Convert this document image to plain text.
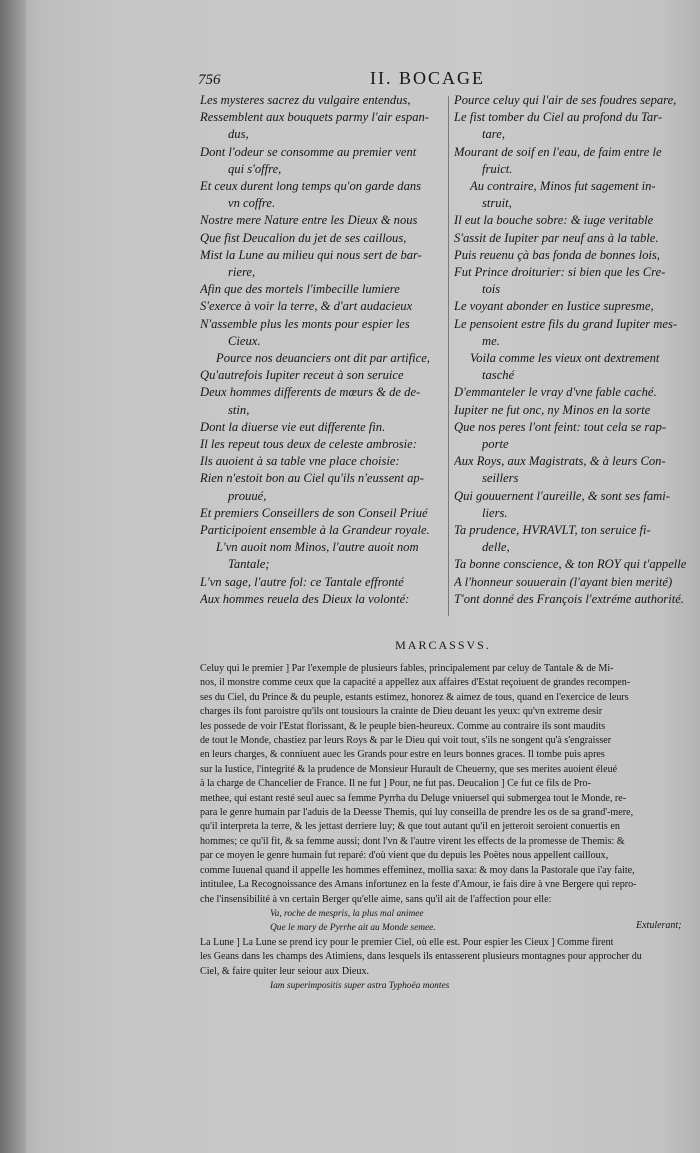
756	II. BOCAGE
Les mysteres sacrez du vulgaire entendus,
Ressemblent aux bouquets parmy l'air espan-
dus,
Dont l'odeur se consomme au premier vent
qui s'offre,
Et ceux durent long temps qu'on garde dans
vn coffre.
Nostre mere Nature entre les Dieux & nous
Que fist Deucalion du jet de ses caillous,
Mist la Lune au milieu qui nous sert de bar-
riere,
Afin que des mortels l'imbecille lumiere
S'exerce à voir la terre, & d'art audacieux
N'assemble plus les monts pour espier les
Cieux.
Pource nos deuanciers ont dit par artifice,
Qu'autrefois Iupiter receut à son seruice
Deux hommes differents de mœurs & de de-
stin,
Dont la diuerse vie eut differente fin.
Il les repeut tous deux de celeste ambrosie:
Ils auoient à sa table vne place choisie:
Rien n'estoit bon au Ciel qu'ils n'eussent ap-
prouué,
Et premiers Conseillers de son Conseil Priué
Participoient ensemble à la Grandeur royale.
L'vn auoit nom Minos, l'autre auoit nom
Tantale;
L'vn sage, l'autre fol: ce Tantale effronté
Aux hommes reuela des Dieux la volonté:
Pource celuy qui l'air de ses foudres separe,
Le fist tomber du Ciel au profond du Tar-
tare,
Mourant de soif en l'eau, de faim entre le
fruict.
Au contraire, Minos fut sagement in-
struit,
Il eut la bouche sobre: & iuge veritable
S'assit de Iupiter par neuf ans à la table.
Puis reuenu çà bas fonda de bonnes lois,
Fut Prince droiturier: si bien que les Cre-
tois
Le voyant abonder en Iustice supresme,
Le pensoient estre fils du grand Iupiter mes-
me.
Voila comme les vieux ont dextrement
tasché
D'emmanteler le vray d'vne fable caché.
Iupiter ne fut onc, ny Minos en la sorte
Que nos peres l'ont feint: tout cela se rap-
porte
Aux Roys, aux Magistrats, & à leurs Con-
seillers
Qui gouuernent l'aureille, & sont ses fami-
liers.
Ta prudence, HVRAVLT, ton seruice fi-
delle,
Ta bonne conscience, & ton ROY qui t'appelle
A l'honneur souuerain (l'ayant bien merité)
T'ont donné des François l'extréme authorité.
MARCASSVS.
Celuy qui le premier ] Par l'exemple de plusieurs fables, principalement par celuy de Tantale & de Mi-
nos, il monstre comme ceux que la capacité a appellez aux affaires d'Estat reçoiuent de grandes recompen-
ses du Ciel, du Prince & du peuple, estants estimez, honorez & aimez de tous, quand en l'exercice de leurs
charges ils font paroistre qu'ils ont tousiours la crainte de Dieu deuant les yeux: qu'vn extreme desir
les possede de voir l'Estat florissant, & le peuple bien-heureux. Comme au contraire ils sont maudits
de tout le Monde, chastiez par leurs Roys & par le Dieu qui voit tout, s'ils ne songent qu'à s'engraisser
en leurs charges, & conniuent auec les Grands pour estre en leurs bonnes graces. Il tombe puis apres
sur la Iustice, l'integrité & la prudence de Monsieur Hurault de Cheuerny, que ses merites auoient éleué
à la charge de Chancelier de France. Il ne fut ] Pour, ne fut pas. Deucalion ] Ce fut ce fils de Pro-
methee, qui estant resté seul auec sa femme Pyrrha du Deluge vniuersel qui submergea tout le Monde, re-
para le genre humain par l'aduis de la Deesse Themis, qui luy conseilla de prendre les os de sa grand'-mere,
qu'il interpreta la terre, & les jettast derriere luy; & que tout autant qu'il en jetteroit seroient conuertis en
hommes; ce qu'il fit, & sa femme aussi; dont l'vn & l'autre virent les effects de la promesse de Themis: &
par ce moyen le genre humain fut reparé: d'où vient que du depuis les Poëtes nous appellent cailloux,
comme Iuuenal quand il appelle les hommes effeminez, mollia saxa: & moy dans la Pastorale que i'ay faite,
intitulee, La Recognoissance des Amans infortunez en la feste d'Amour, ie fais dire à vne Bergere qui repro-
che l'insensibilité à vn certain Berger qu'elle aime, sans qu'il ait de l'affection pour elle:
Va, roche de mespris, la plus mal animee
Que le mary de Pyrrhe ait au Monde semee.
La Lune ] La Lune se prend icy pour le premier Ciel, où elle est. Pour espier les Cieux ] Comme firent
les Geans dans les champs des Atimiens, dans lesquels ils entasserent plusieurs montagnes pour approcher du
Ciel, & faire quiter leur seiour aux Dieux.
Iam superimpositis super astra Typhoëa montes
Extulerant;
